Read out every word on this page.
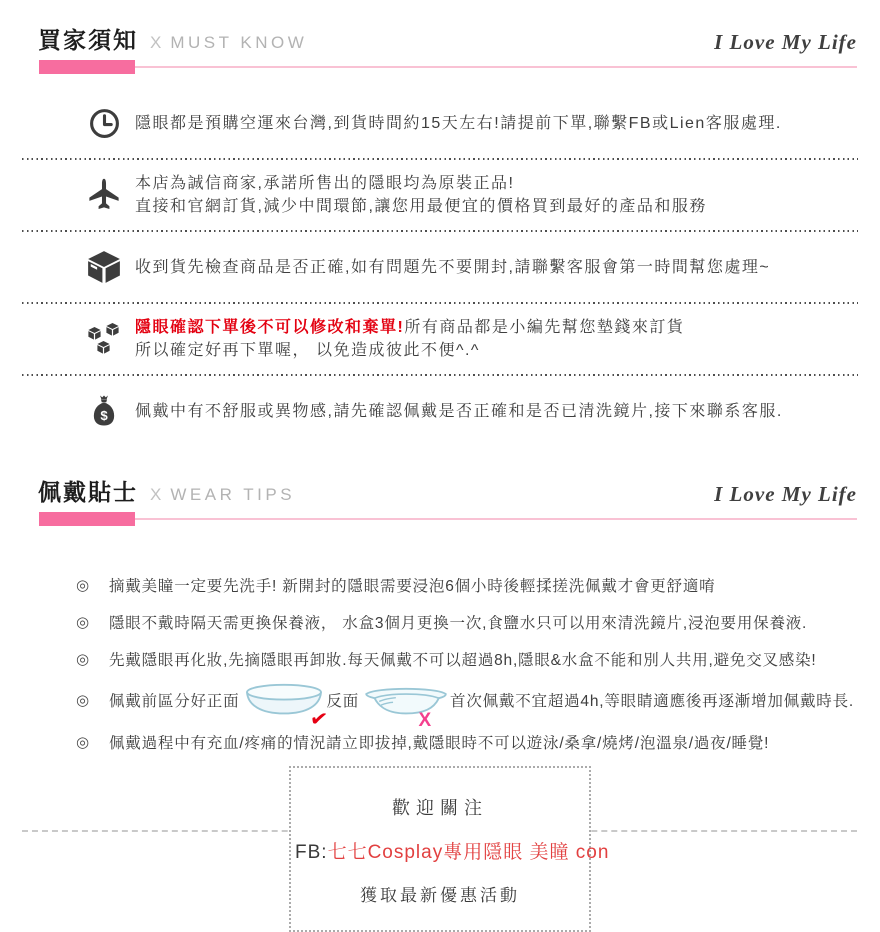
買家須知 X MUST KNOW	I Love My Life
隱眼都是預購空運來台灣,到貨時間約15天左右!請提前下單,聯繫FB或Lien客服處理.
本店為誠信商家,承諾所售出的隱眼均為原裝正品!
直接和官網訂貨,減少中間環節,讓您用最便宜的價格買到最好的產品和服務
收到貨先檢查商品是否正確,如有問題先不要開封,請聯繫客服會第一時間幫您處理~
隱眼確認下單後不可以修改和棄單!所有商品都是小編先幫您墊錢來訂貨
所以確定好再下單喔， 以免造成彼此不便^.^
$ 佩戴中有不舒服或異物感,請先確認佩戴是否正確和是否已清洗鏡片,接下來聯系客服.
佩戴貼士 X WEAR TIPS	I Love My Life
◎	摘戴美瞳一定要先洗手! 新開封的隱眼需要浸泡6個小時後輕揉搓洗佩戴才會更舒適唷
◎	隱眼不戴時隔天需更換保養液， 水盒3個月更換一次,食鹽水只可以用來清洗鏡片,浸泡要用保養液.
◎	先戴隱眼再化妝,先摘隱眼再卸妝.每天佩戴不可以超過8h,隱眼&水盒不能和別人共用,避免交叉感染!
◎	佩戴前區分好正面
✔
反面
X
首次佩戴不宜超過4h,等眼睛適應後再逐漸增加佩戴時長.
◎	佩戴過程中有充血/疼痛的情況請立即拔掉,戴隱眼時不可以遊泳/桑拿/燒烤/泡溫泉/過夜/睡覺!
歡迎關注
FB:七七Cosplay專用隱眼 美瞳 con
獲取最新優惠活動
